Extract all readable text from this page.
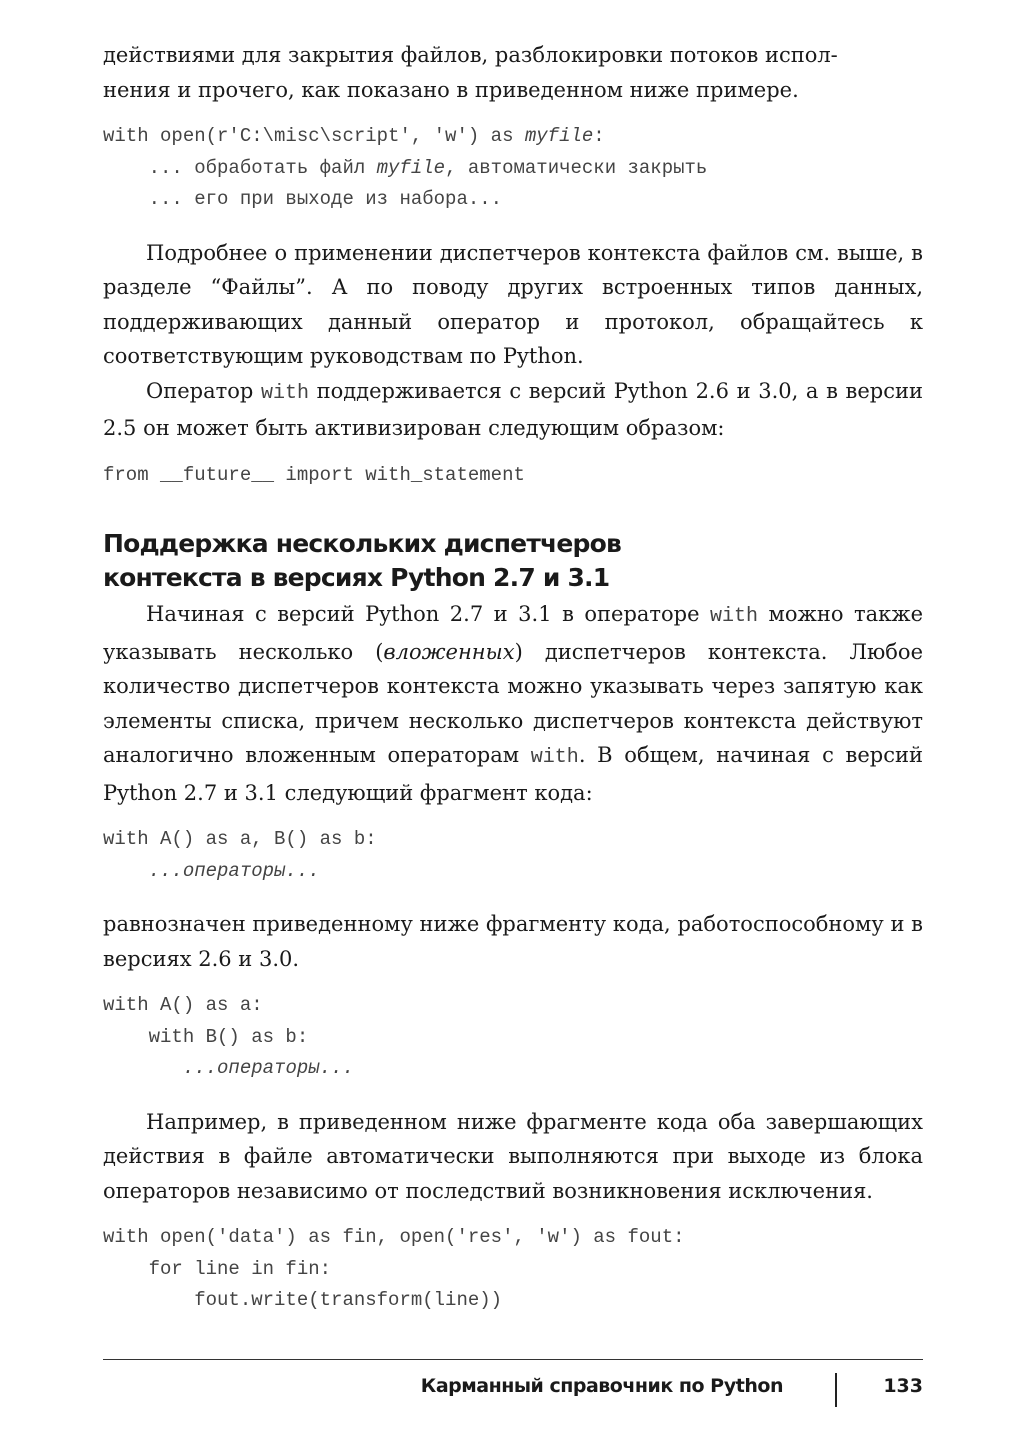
действиями для закрытия файлов, разблокировки потоков испол-
нения и прочего, как показано в приведенном ниже примере.

with open(r'C:\misc\script', 'w') as myfile:
... обработать файл myfile, автоматически закрыть
... его при выходе из набора...

Подробнее о применении диспетчеров контекста файлов см. выше, в разделе “Файлы”. А по поводу других встроенных типов данных, поддерживающих данный оператор и протокол, обращайтесь к соответствующим руководствам по Python.

Оператор with поддерживается с версий Python 2.6 и 3.0, а в версии 2.5 он может быть активизирован следующим образом:

from __future__ import with_statement
Поддержка нескольких диспетчеров
контекста в версиях Python 2.7 и 3.1

Начиная с версий Python 2.7 и 3.1 в операторе with можно также указывать несколько (вложенных) диспетчеров контекста. Любое количество диспетчеров контекста можно указывать через запятую как элементы списка, причем несколько диспетчеров контекста действуют аналогично вложенным операторам with. В общем, начиная с версий Python 2.7 и 3.1 следующий фрагмент кода:

with A() as a, B() as b:
...операторы...

равнозначен приведенному ниже фрагменту кода, работоспособному и в версиях 2.6 и 3.0.

with A() as a:
with B() as b:
...операторы...

Например, в приведенном ниже фрагменте кода оба завершающих действия в файле автоматически выполняются при выходе из блока операторов независимо от последствий возникновения исключения.

with open('data') as fin, open('res', 'w') as fout:
for line in fin:
fout.write(transform(line))
Карманный справочник по Python	133
